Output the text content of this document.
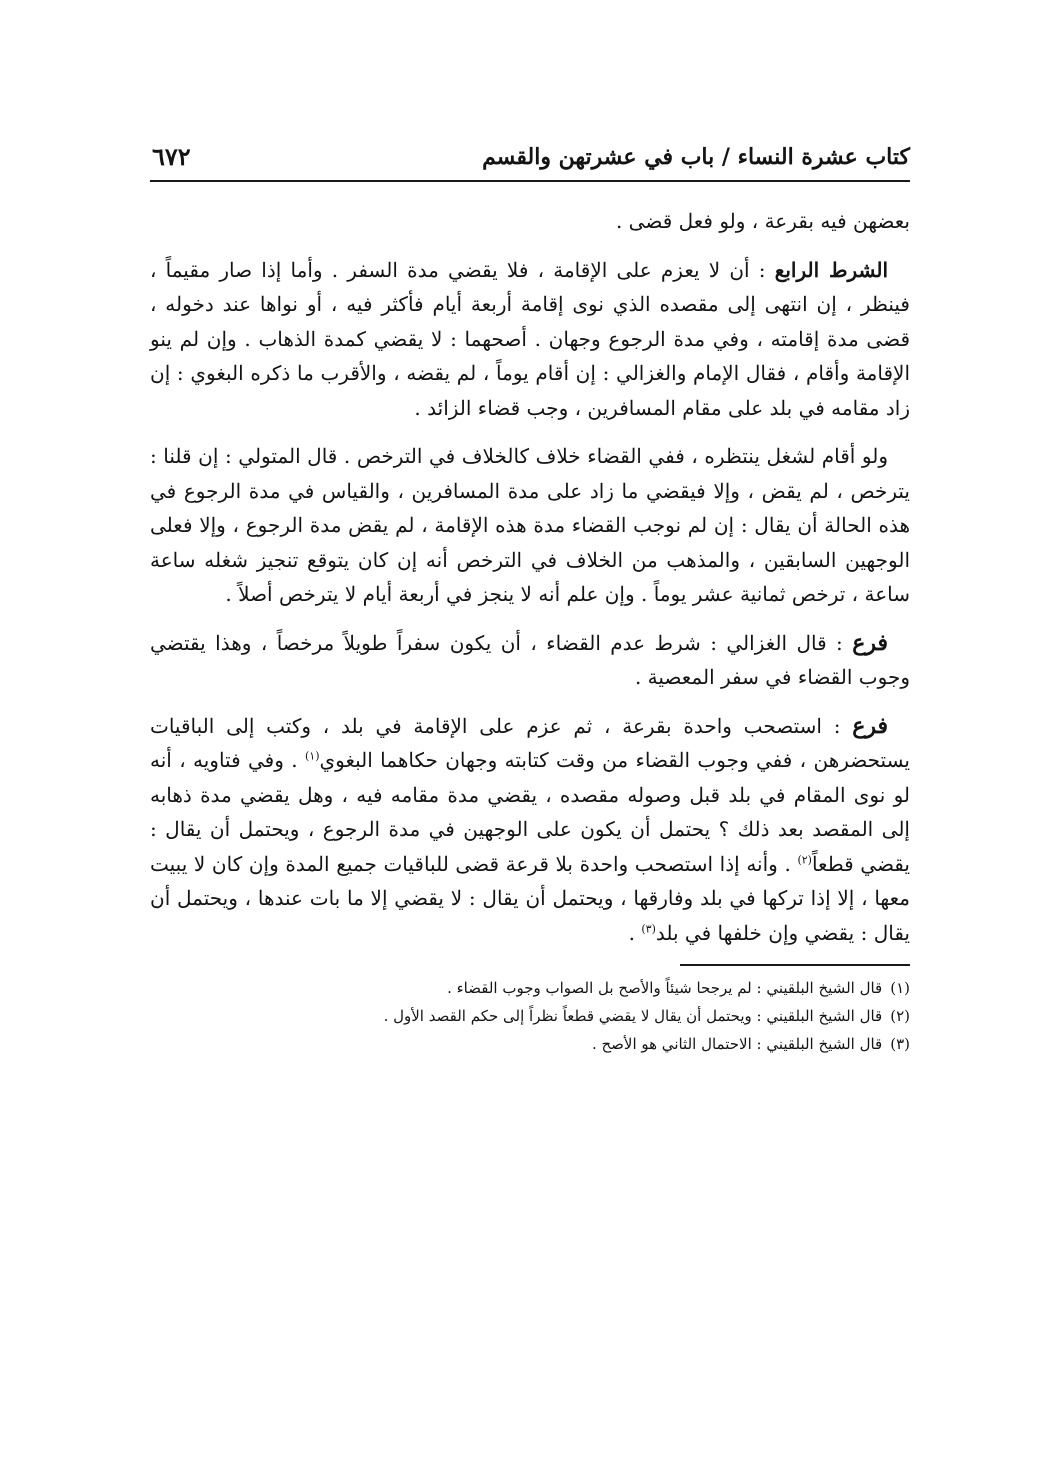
كتاب عشرة النساء / باب في عشرتهن والقسم
٦٧٢

بعضهن فيه بقرعة ، ولو فعل قضى .

الشرط الرابع : أن لا يعزم على الإقامة ، فلا يقضي مدة السفر . وأما إذا صار مقيماً ، فينظر ، إن انتهى إلى مقصده الذي نوى إقامة أربعة أيام فأكثر فيه ، أو نواها عند دخوله ، قضى مدة إقامته ، وفي مدة الرجوع وجهان . أصحهما : لا يقضي كمدة الذهاب . وإن لم ينو الإقامة وأقام ، فقال الإمام والغزالي : إن أقام يوماً ، لم يقضه ، والأقرب ما ذكره البغوي : إن زاد مقامه في بلد على مقام المسافرين ، وجب قضاء الزائد .

ولو أقام لشغل ينتظره ، ففي القضاء خلاف كالخلاف في الترخص . قال المتولي : إن قلنا : يترخص ، لم يقض ، وإلا فيقضي ما زاد على مدة المسافرين ، والقياس في مدة الرجوع في هذه الحالة أن يقال : إن لم نوجب القضاء مدة هذه الإقامة ، لم يقض مدة الرجوع ، وإلا فعلى الوجهين السابقين ، والمذهب من الخلاف في الترخص أنه إن كان يتوقع تنجيز شغله ساعة ساعة ، ترخص ثمانية عشر يوماً . وإن علم أنه لا ينجز في أربعة أيام لا يترخص أصلاً .

فرع : قال الغزالي : شرط عدم القضاء ، أن يكون سفراً طويلاً مرخصاً ، وهذا يقتضي وجوب القضاء في سفر المعصية .

فرع : استصحب واحدة بقرعة ، ثم عزم على الإقامة في بلد ، وكتب إلى الباقيات يستحضرهن ، ففي وجوب القضاء من وقت كتابته وجهان حكاهما البغوي$^{(١)}$ . وفي فتاويه ، أنه لو نوى المقام في بلد قبل وصوله مقصده ، يقضي مدة مقامه فيه ، وهل يقضي مدة ذهابه إلى المقصد بعد ذلك ؟ يحتمل أن يكون على الوجهين في مدة الرجوع ، ويحتمل أن يقال : يقضي قطعاً$^{(٢)}$ . وأنه إذا استصحب واحدة بلا قرعة قضى للباقيات جميع المدة وإن كان لا يبيت معها ، إلا إذا تركها في بلد وفارقها ، ويحتمل أن يقال : لا يقضي إلا ما بات عندها ، ويحتمل أن يقال : يقضي وإن خلفها في بلد$^{(٣)}$ .

(١)قال الشيخ البلقيني : لم يرجحا شيئاً والأصح بل الصواب وجوب القضاء .
(٢)قال الشيخ البلقيني : ويحتمل أن يقال لا يقضي قطعاً نظراً إلى حكم القصد الأول .
(٣)قال الشيخ البلقيني : الاحتمال الثاني هو الأصح .
